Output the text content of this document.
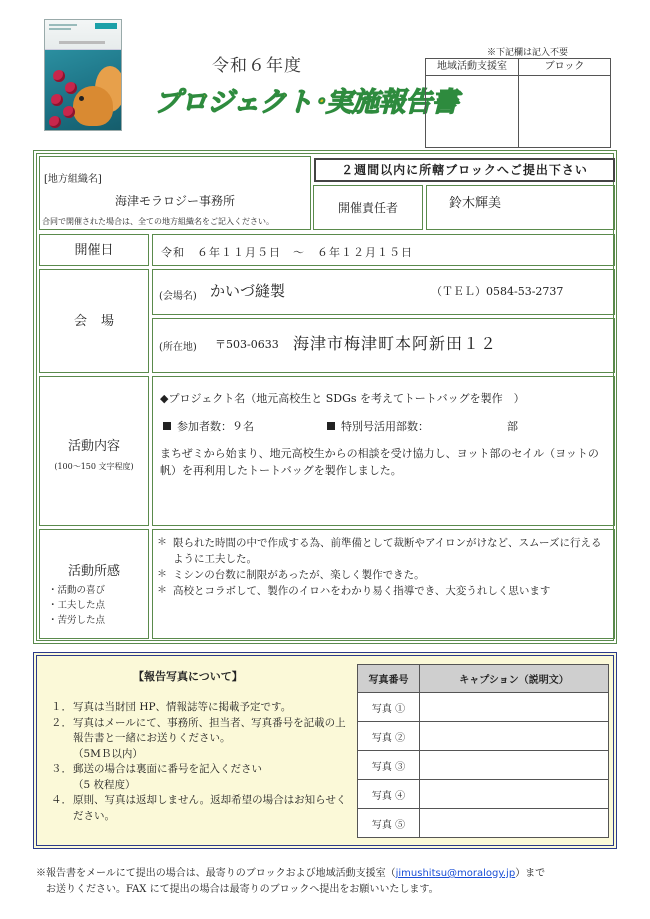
令和６年度
プロジェクト･実施報告書
※下記欄は記入不要
地域活動支援室	ブロック
[地方組織名]
海津モラロジー事務所
合同で開催された場合は、全ての地方組織名をご記入ください。
２週間以内に所轄ブロックへご提出下さい
開催責任者	鈴木輝美
開催日	令和　６年１１月５日　～　６年１２月１５日
会場
(会場名) かいづ縫製	（ＴＥＬ）0584-53-2737
(所在地) 〒503-0633 海津市梅津町本阿新田１２
活動内容
(100～150 文字程度)
◆プロジェクト名（地元高校生と SDGs を考えてトートバッグを製作　）
参加者数：９名	特別号活用部数：	部
まちぜミから始まり、地元高校生からの相談を受け協力し、ヨット部のセイル（ヨットの帆）を再利用したトートバッグを製作しました。
活動所感
・活動の喜び
・工夫した点
・苦労した点
＊ 限られた時間の中で作成する為、前準備として裁断やアイロンがけなど、スムーズに行えるように工夫した。
＊ ミシンの台数に制限があったが、楽しく製作できた。
＊ 高校とコラボして、製作のイロハをわかり易く指導でき、大変うれしく思います
【報告写真について】
１． 写真は当財団 HP、情報誌等に掲載予定です。
２． 写真はメールにて、事務所、担当者、写真番号を記載の上報告書と一緒にお送りください。
（5MＢ以内）
３． 郵送の場合は裏面に番号を記入ください
（5 枚程度）
４． 原則、写真は返却しません。返却希望の場合はお知らせください。
写真番号	キャプション（説明文）
写真 ①	
写真 ②	
写真 ③	
写真 ④	
写真 ⑤	
※報告書をメールにて提出の場合は、最寄りのブロックおよび地域活動支援室（jimushitsu@moralogy.jp）まで
お送りください。FAX にて提出の場合は最寄りのブロックへ提出をお願いいたします。
